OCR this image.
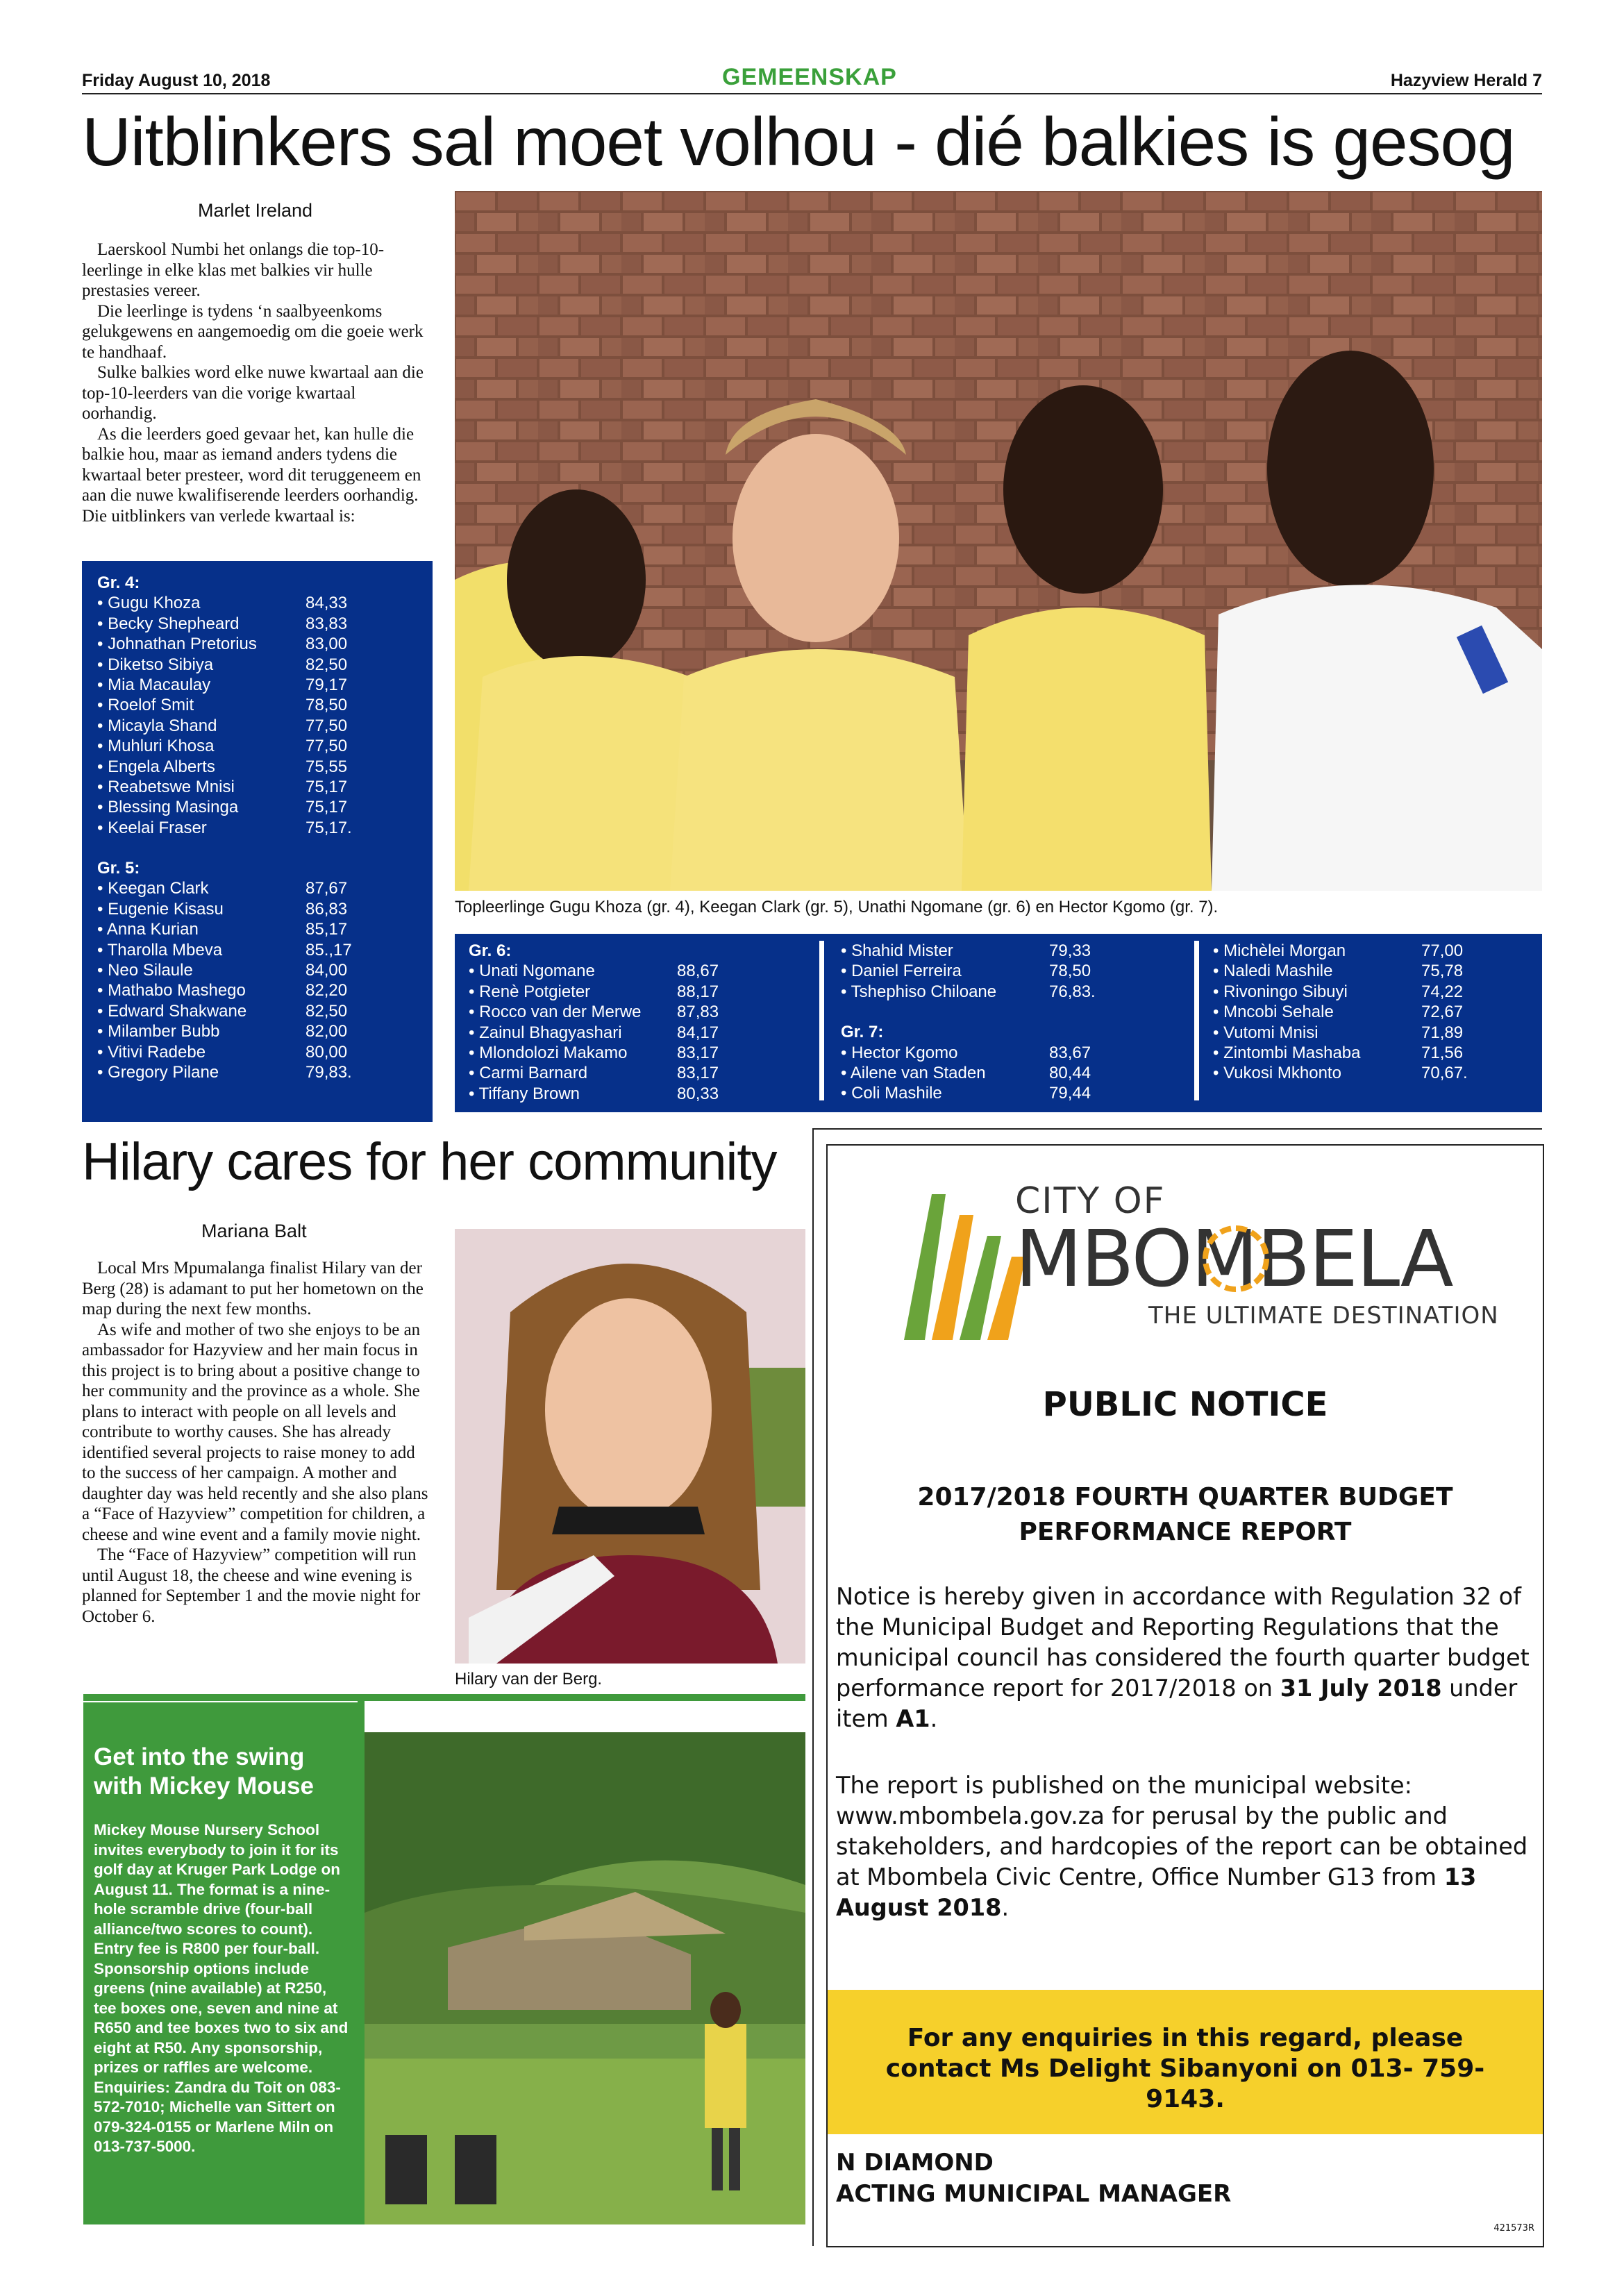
Friday August 10, 2018	GEMEENSKAP	Hazyview Herald 7
Uitblinkers sal moet volhou - dié balkies is gesog
Marlet Ireland

Laerskool Numbi het onlangs die top-10-leerlinge in elke klas met balkies vir hulle prestasies vereer.

Die leerlinge is tydens ‘n saalbyeenkoms gelukgewens en aangemoedig om die goeie werk te handhaaf.

Sulke balkies word elke nuwe kwartaal aan die top-10-leerders van die vorige kwartaal oorhandig.

As die leerders goed gevaar het, kan hulle die balkie hou, maar as iemand anders tydens die kwartaal beter presteer, word dit teruggeneem en aan die nuwe kwalifiserende leerders oorhandig. Die uitblinkers van verlede kwartaal is:

Topleerlinge Gugu Khoza (gr. 4), Keegan Clark (gr. 5), Unathi Ngomane (gr. 6) en Hector Kgomo (gr. 7).
Gr. 4:
• Gugu Khoza	84,33
• Becky Shepheard	83,83
• Johnathan Pretorius	83,00
• Diketso Sibiya	82,50
• Mia Macaulay	79,17
• Roelof Smit	78,50
• Micayla Shand	77,50
• Muhluri Khosa	77,50
• Engela Alberts	75,55
• Reabetswe Mnisi	75,17
• Blessing Masinga	75,17
• Keelai Fraser	75,17.
Gr. 5:
• Keegan Clark	87,67
• Eugenie Kisasu	86,83
• Anna Kurian	85,17
• Tharolla Mbeva	85.,17
• Neo Silaule	84,00
• Mathabo Mashego	82,20
• Edward Shakwane	82,50
• Milamber Bubb	82,00
• Vitivi Radebe	80,00
• Gregory Pilane	79,83.
Gr. 6:
• Unati Ngomane	88,67
• Renè Potgieter	88,17
• Rocco van der Merwe	87,83
• Zainul Bhagyashari	84,17
• Mlondolozi Makamo	83,17
• Carmi Barnard	83,17
• Tiffany Brown	80,33
• Shahid Mister	79,33
• Daniel Ferreira	78,50
• Tshephiso Chiloane	76,83.
Gr. 7:
• Hector Kgomo	83,67
• Ailene van Staden	80,44
• Coli Mashile	79,44
• Michèlei Morgan	77,00
• Naledi Mashile	75,78
• Rivoningo Sibuyi	74,22
• Mncobi Sehale	72,67
• Vutomi Mnisi	71,89
• Zintombi Mashaba	71,56
• Vukosi Mkhonto	70,67.
Hilary cares for her community
Mariana Balt

Local Mrs Mpumalanga finalist Hilary van der Berg (28) is adamant to put her hometown on the map during the next few months.

As wife and mother of two she enjoys to be an ambassador for Hazyview and her main focus in this project is to bring about a positive change to her community and the province as a whole. She plans to interact with people on all levels and contribute to worthy causes. She has already identified several projects to raise money to add to the success of her campaign. A mother and daughter day was held recently and she also plans a “Face of Hazyview” competition for children, a cheese and wine event and a family movie night.

The “Face of Hazyview” competition will run until August 18, the cheese and wine evening is planned for September 1 and the movie night for October 6.

Hilary van der Berg.
Get into the swing with Mickey Mouse
Mickey Mouse Nursery School invites everybody to join it for its golf day at Kruger Park Lodge on August 11. The format is a nine-hole scramble drive (four-ball alliance/two scores to count). Entry fee is R800 per four-ball. Sponsorship options include greens (nine available) at R250, tee boxes one, seven and nine at R650 and tee boxes two to six and eight at R50. Any sponsorship, prizes or raffles are welcome. Enquiries: Zandra du Toit on 083-572-7010; Michelle van Sittert on 079-324-0155 or Marlene Miln on 013-737-5000.
CITY OF
MBOMBELA
THE ULTIMATE DESTINATION
PUBLIC NOTICE
2017/2018 FOURTH QUARTER BUDGET
PERFORMANCE REPORT
Notice is hereby given in accordance with Regulation 32 of the Municipal Budget and Reporting Regulations that the municipal council has considered the fourth quarter budget performance report for 2017/2018 on 31 July 2018 under item A1.
The report is published on the municipal website: www.mbombela.gov.za for perusal by the public and stakeholders, and hardcopies of the report can be obtained at Mbombela Civic Centre, Office Number G13 from 13 August 2018.
For any enquiries in this regard, please contact Ms Delight Sibanyoni on 013- 759-9143.
N DIAMOND
ACTING MUNICIPAL MANAGER
421573R
